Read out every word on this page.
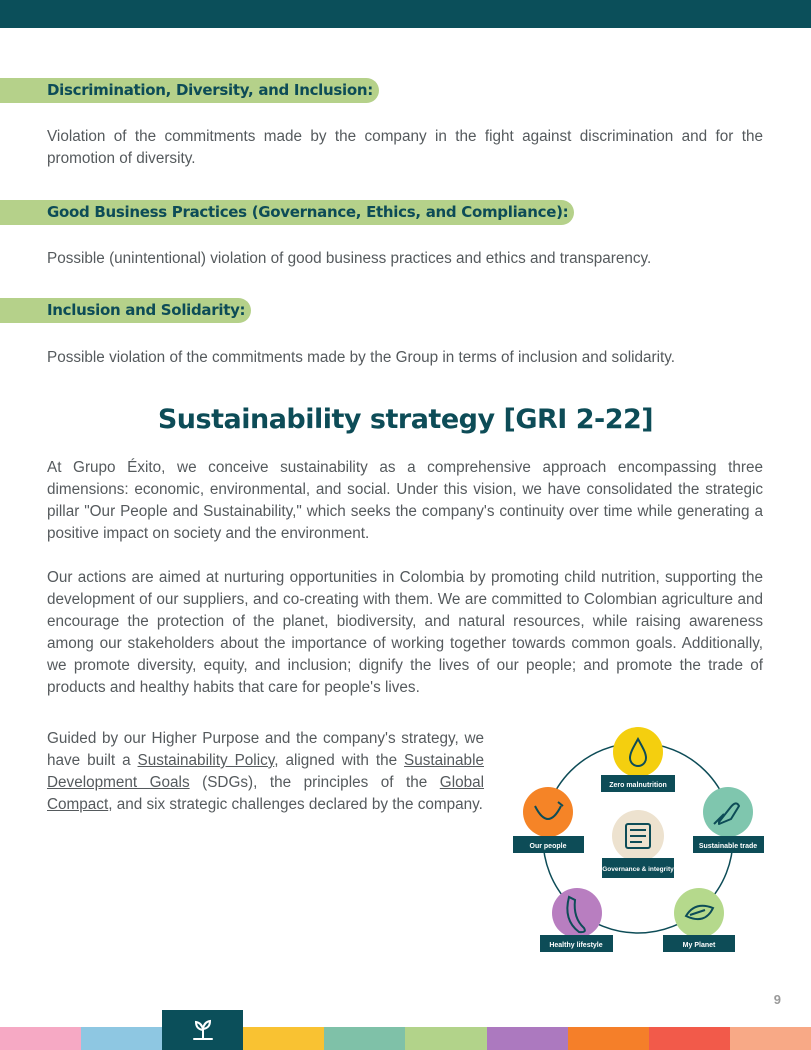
Discrimination, Diversity, and Inclusion:

Violation of the commitments made by the company in the fight against discrimination and for the promotion of diversity.

Good Business Practices (Governance, Ethics, and Compliance):

Possible (unintentional) violation of good business practices and ethics and transparency.

Inclusion and Solidarity:

Possible violation of the commitments made by the Group in terms of inclusion and solidarity.

Sustainability strategy [GRI 2-22]

At Grupo Éxito, we conceive sustainability as a comprehensive approach encompassing three dimensions: economic, environmental, and social. Under this vision, we have consolidated the strategic pillar "Our People and Sustainability," which seeks the company's continuity over time while generating a positive impact on society and the environment.

Our actions are aimed at nurturing opportunities in Colombia by promoting child nutrition, supporting the development of our suppliers, and co-creating with them. We are committed to Colombian agriculture and encourage the protection of the planet, biodiversity, and natural resources, while raising awareness among our stakeholders about the importance of working together towards common goals. Additionally, we promote diversity, equity, and inclusion; dignify the lives of our people; and promote the trade of products and healthy habits that care for people's lives.

Guided by our Higher Purpose and the company's strategy, we have built a Sustainability Policy, aligned with the Sustainable Development Goals (SDGs), the principles of the Global Compact, and six strategic challenges declared by the company.

Zero malnutrition
Sustainable trade
My Planet
Healthy lifestyle
Our people
Governance & integrity
9
